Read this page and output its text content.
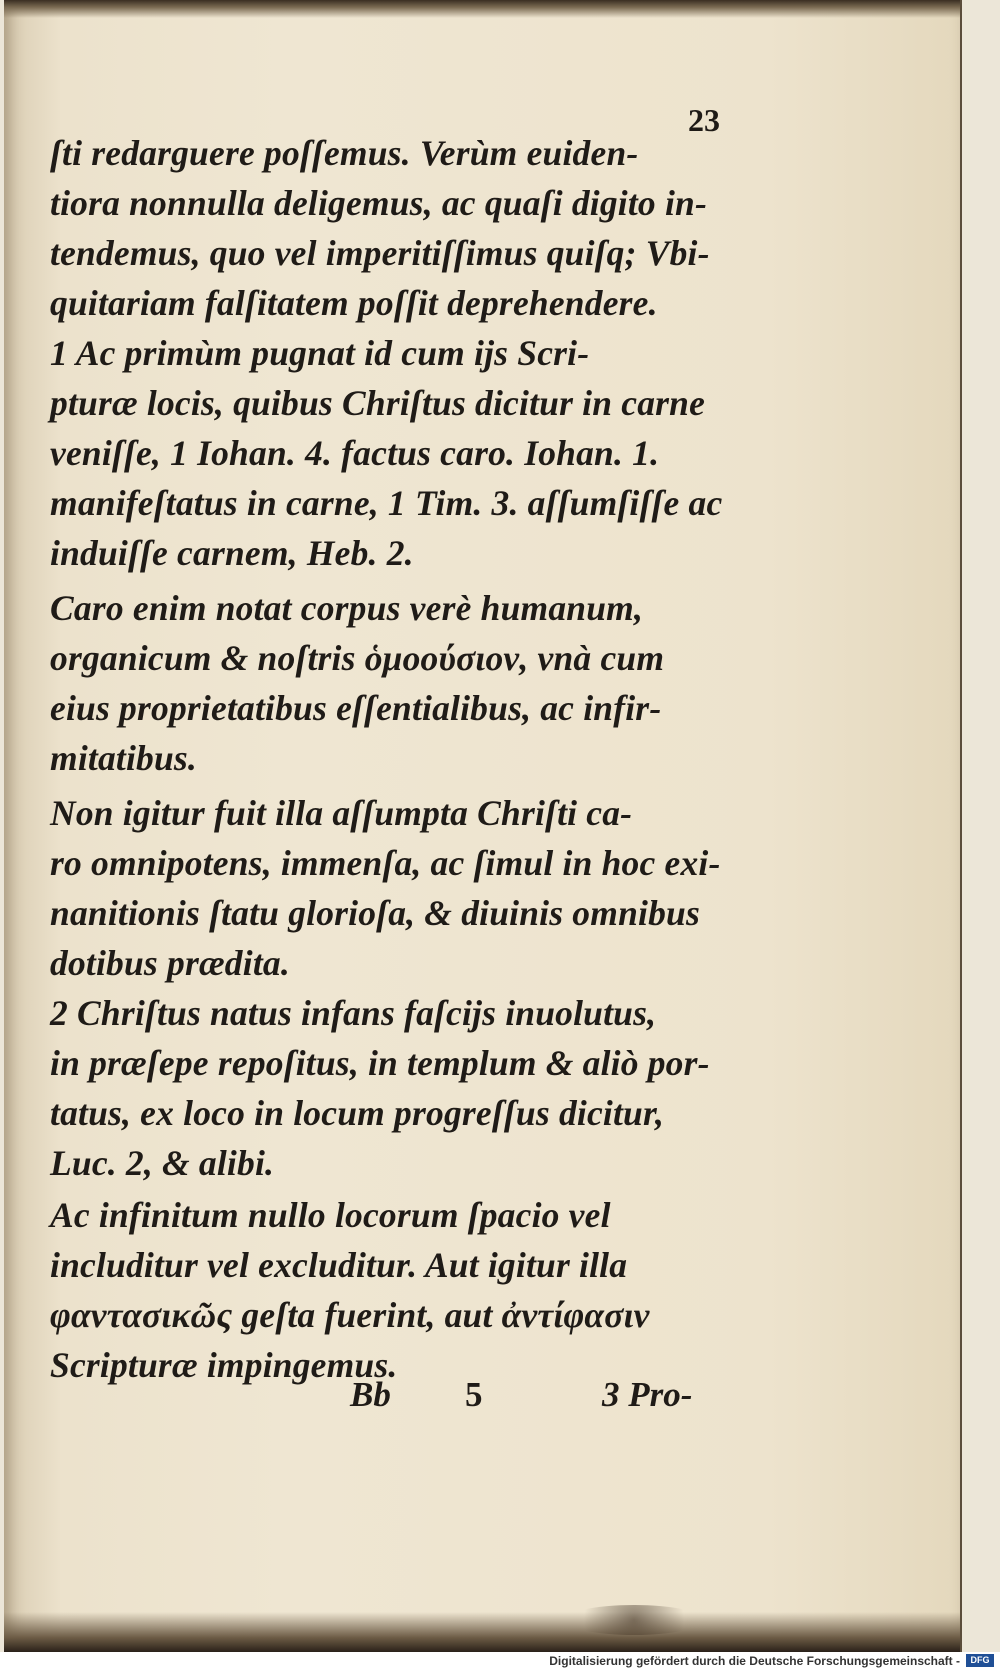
23
ſti redarguere poſſemus. Verùm euiden-
tiora nonnulla deligemus, ac quaſi digito in-
tendemus, quo vel imperitiſſimus quiſq; Vbi-
quitariam falſitatem poſſit deprehendere.
1 Ac primùm pugnat id cum ijs Scri-
pturæ locis, quibus Chriſtus dicitur in carne
veniſſe, 1 Iohan. 4. factus caro. Iohan. 1.
manifeſtatus in carne, 1 Tim. 3. aſſumſiſſe ac
induiſſe carnem, Heb. 2.
Caro enim notat corpus verè humanum,
organicum & noſtris ὁμοούσιον, vnà cum
eius proprietatibus eſſentialibus, ac infir-
mitatibus.
Non igitur fuit illa aſſumpta Chriſti ca-
ro omnipotens, immenſa, ac ſimul in hoc exi-
nanitionis ſtatu glorioſa, & diuinis omnibus
dotibus prædita.
2 Chriſtus natus infans faſcijs inuolutus,
in præſepe repoſitus, in templum & aliò por-
tatus, ex loco in locum progreſſus dicitur,
Luc. 2, & alibi.
Ac infinitum nullo locorum ſpacio vel
includitur vel excluditur. Aut igitur illa
φαντασικῶς geſta fuerint, aut ἀντίφασιν
Scripturæ impingemus.
Bb 5	3 Pro-
Digitalisierung gefördert durch die Deutsche Forschungsgemeinschaft -	DFG
